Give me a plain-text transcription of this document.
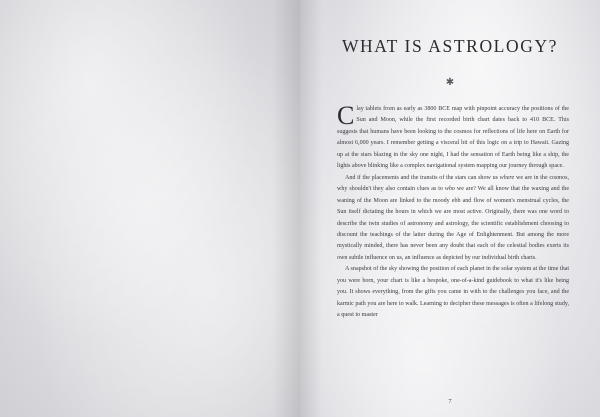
WHAT IS ASTROLOGY?
✱

Clay tablets from as early as 3800 BCE map with pinpoint accuracy the positions of the Sun and Moon, while the first recorded birth chart dates back to 410 BCE. This suggests that humans have been looking to the cosmos for reflections of life here on Earth for almost 6,000 years. I remember getting a visceral hit of this logic on a trip to Hawaii. Gazing up at the stars blazing in the sky one night, I had the sensation of Earth being like a ship, the lights above blinking like a complex navigational system mapping our journey through space.

And if the placements and the transits of the stars can show us where we are in the cosmos, why shouldn't they also contain clues as to who we are? We all know that the waxing and the waning of the Moon are linked to the moody ebb and flow of women's menstrual cycles, the Sun itself dictating the hours in which we are most active. Originally, there was one word to describe the twin studies of astronomy and astrology, the scientific establishment choosing to discount the teachings of the latter during the Age of Enlightenment. But among the more mystically minded, there has never been any doubt that each of the celestial bodies exerts its own subtle influence on us, an influence as depicted by our individual birth charts.

A snapshot of the sky showing the position of each planet in the solar system at the time that you were born, your chart is like a bespoke, one-of-a-kind guidebook to what it's like being you. It shows everything, from the gifts you came in with to the challenges you face, and the karmic path you are here to walk. Learning to decipher these messages is often a lifelong study, a quest to master

7
